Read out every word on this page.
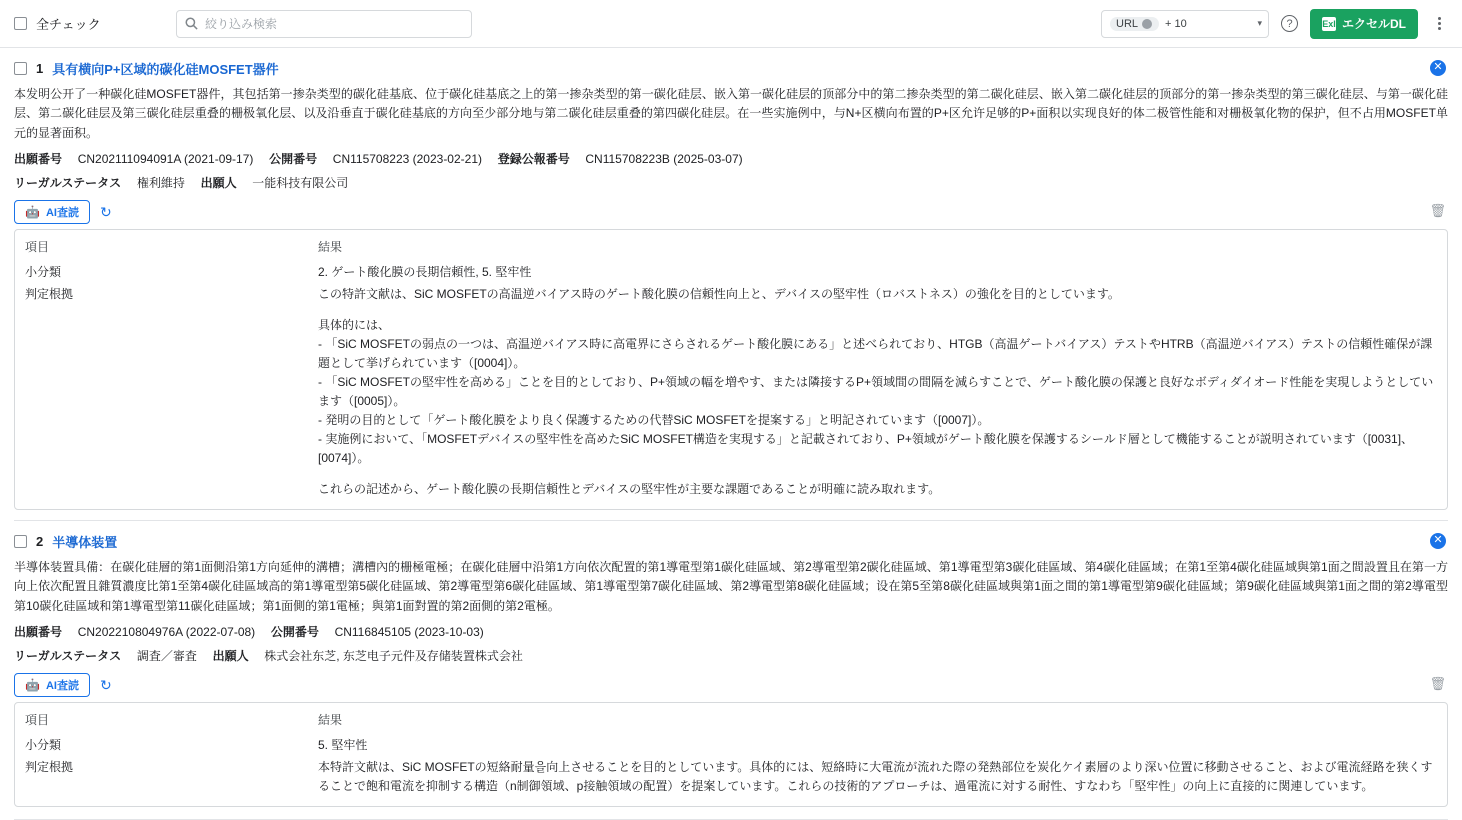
全チェック
絞り込み検索	URL + 10	▾	?	ExI エクセルDL
✕
1 具有横向P+区域的碳化硅MOSFET器件
本发明公开了一种碳化硅MOSFET器件，其包括第一掺杂类型的碳化硅基底、位于碳化硅基底之上的第一掺杂类型的第一碳化硅层、嵌入第一碳化硅层的顶部分中的第二掺杂类型的第二碳化硅层、嵌入第二碳化硅层的顶部分的第一掺杂类型的第三碳化硅层、与第一碳化硅层、第二碳化硅层及第三碳化硅层重叠的栅极氧化层、以及沿垂直于碳化硅基底的方向至少部分地与第二碳化硅层重叠的第四碳化硅层。在一些实施例中，与N+区横向布置的P+区允许足够的P+面积以实现良好的体二极管性能和对栅极氧化物的保护，但不占用MOSFET单元的显著面积。
出願番号 CN202111094091A (2021-09-17) 公開番号 CN115708223 (2023-02-21) 登録公報番号 CN115708223B (2025-03-07)
リーガルステータス 権利維持 出願人 一能科技有限公司
🤖 AI査読 ↻	🗑
項目	結果
小分類	2. ゲート酸化膜の長期信頼性, 5. 堅牢性
判定根拠	この特許文献は、SiC MOSFETの高温逆バイアス時のゲート酸化膜の信頼性向上と、デバイスの堅牢性（ロバストネス）の強化を目的としています。

具体的には、

- 「SiC MOSFETの弱点の一つは、高温逆バイアス時に高電界にさらされるゲート酸化膜にある」と述べられており、HTGB（高温ゲートバイアス）テストやHTRB（高温逆バイアス）テストの信頼性確保が課題として挙げられています（[0004]）。
- 「SiC MOSFETの堅牢性を高める」ことを目的としており、P+領域の幅を増やす、または隣接するP+領域間の間隔を減らすことで、ゲート酸化膜の保護と良好なボディダイオード性能を実現しようとしています（[0005]）。
- 発明の目的として「ゲート酸化膜をより良く保護するための代替SiC MOSFETを提案する」と明記されています（[0007]）。
- 実施例において、「MOSFETデバイスの堅牢性を高めたSiC MOSFET構造を実現する」と記載されており、P+領域がゲート酸化膜を保護するシールド層として機能することが説明されています（[0031]、[0074]）。

これらの記述から、ゲート酸化膜の長期信頼性とデバイスの堅牢性が主要な課題であることが明確に読み取れます。

✕
2 半導体装置
半導体装置具備：在碳化硅層的第1面側沿第1方向延伸的溝槽；溝槽內的栅極電極；在碳化硅層中沿第1方向依次配置的第1導電型第1碳化硅區域、第2導電型第2碳化硅區域、第1導電型第3碳化硅區域、第4碳化硅區域；在第1至第4碳化硅區域與第1面之間設置且在第一方向上依次配置且雜質濃度比第1至第4碳化硅區域高的第1導電型第5碳化硅區域、第2導電型第6碳化硅區域、第1導電型第7碳化硅區域、第2導電型第8碳化硅區域；设在第5至第8碳化硅區域與第1面之間的第1導電型第9碳化硅區域；第9碳化硅區域與第1面之間的第2導電型第10碳化硅區域和第1導電型第11碳化硅區域；第1面側的第1電極；與第1面對置的第2面側的第2電極。
出願番号 CN202210804976A (2022-07-08) 公開番号 CN116845105 (2023-10-03)
リーガルステータス 調査／審査 出願人 株式会社东芝, 东芝电子元件及存储装置株式会社
🤖 AI査読 ↻	🗑
項目	結果
小分類	5. 堅牢性
判定根拠	本特許文献は、SiC MOSFETの短絡耐量을向上させることを目的としています。具体的には、短絡時に大電流が流れた際の発熱部位を炭化ケイ素層のより深い位置に移動させること、および電流経路を狭くすることで飽和電流を抑制する構造（n制御領域、p接触領域の配置）を提案しています。これらの技術的アプローチは、過電流に対する耐性、すなわち「堅牢性」の向上に直接的に関連しています。
